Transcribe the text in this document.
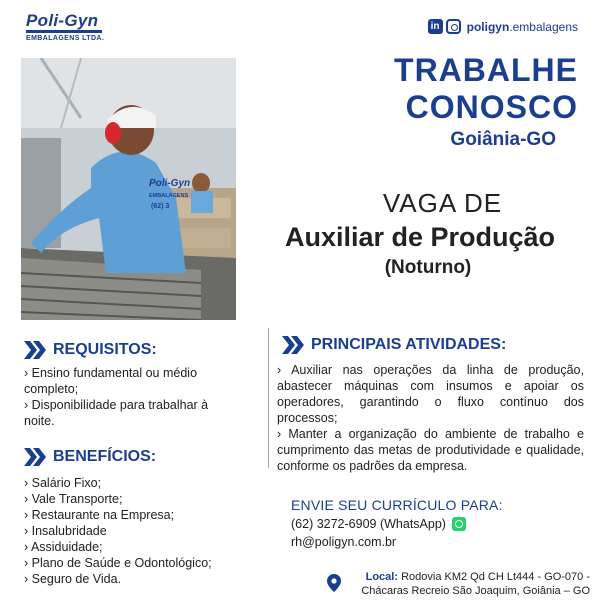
Poli-Gyn
EMBALAGENS LTDA.
in poligyn.embalagens
Poli-Gyn
EMBALAGENS
(62) 3
TRABALHE
CONOSCO
Goiânia-GO
VAGA DE
Auxiliar de Produção
(Noturno)
REQUISITOS:
› Ensino fundamental ou médio completo;
› Disponibilidade para trabalhar à noite.
BENEFÍCIOS:
› Salário Fixo;
› Vale Transporte;
› Restaurante na Empresa;
› Insalubridade
› Assiduidade;
› Plano de Saúde e Odontológico;
› Seguro de Vida.
PRINCIPAIS ATIVIDADES:
› Auxiliar nas operações da linha de produção, abastecer máquinas com insumos e apoiar os operadores, garantindo o fluxo contínuo dos processos;
› Manter a organização do ambiente de trabalho e cumprimento das metas de produtividade e qualidade, conforme os padrões da empresa.
ENVIE SEU CURRÍCULO PARA:
(62) 3272-6909 (WhatsApp)
rh@poligyn.com.br
Local: Rodovia KM2 Qd CH Lt444 - GO-070 -
Chácaras Recreio São Joaquim, Goiânia – GO
